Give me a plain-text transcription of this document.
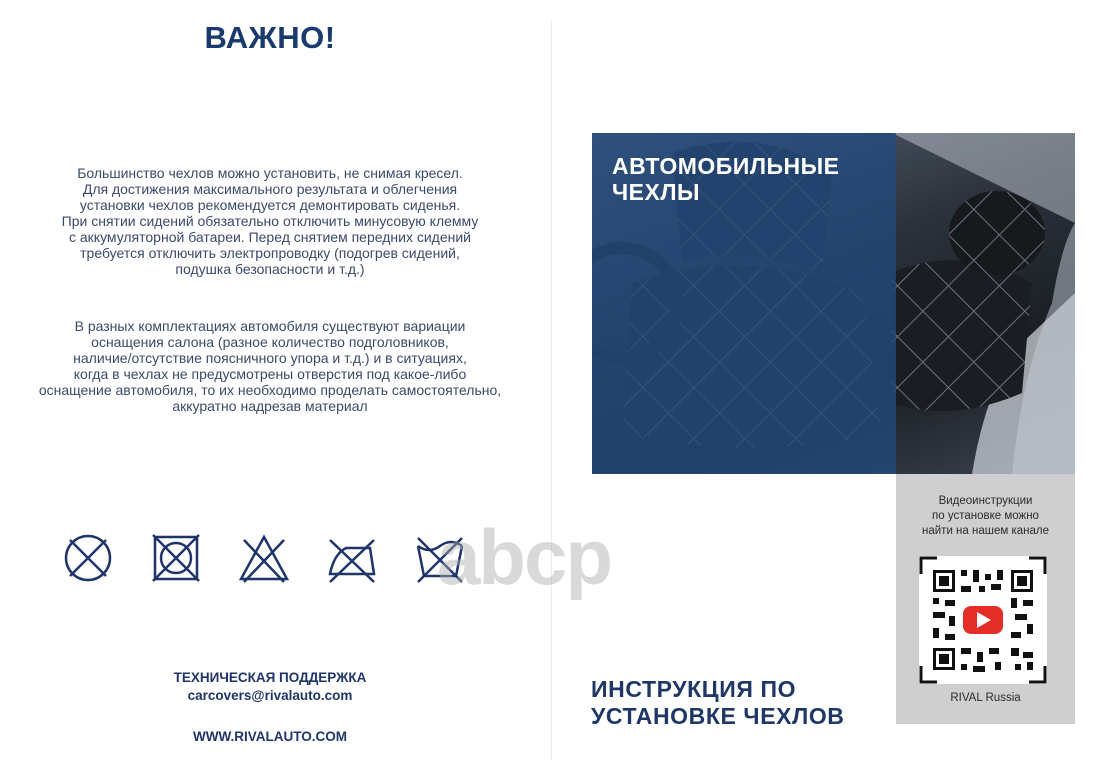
ВАЖНО!

Большинство чехлов можно установить, не снимая кресел.
Для достижения максимального результата и облегчения
установки чехлов рекомендуется демонтировать сиденья.
При снятии сидений обязательно отключить минусовую клемму
с аккумуляторной батареи. Перед снятием передних сидений
требуется отключить электропроводку (подогрев сидений,
подушка безопасности и т.д.)

В разных комплектациях автомобиля существуют вариации
оснащения салона (разное количество подголовников,
наличие/отсутствие поясничного упора и т.д.) и в ситуациях,
когда в чехлах не предусмотрены отверстия под какое-либо
оснащение автомобиля, то их необходимо проделать самостоятельно,
аккуратно надрезав материал

ТЕХНИЧЕСКАЯ ПОДДЕРЖКА
carcovers@rivalauto.com
WWW.RIVALAUTO.COM
АВТОМОБИЛЬНЫЕ
ЧЕХЛЫ
Видеоинструкции
по установке можно
найти на нашем канале
RIVAL Russia
ИНСТРУКЦИЯ ПО
УСТАНОВКЕ ЧЕХЛОВ
abcp
